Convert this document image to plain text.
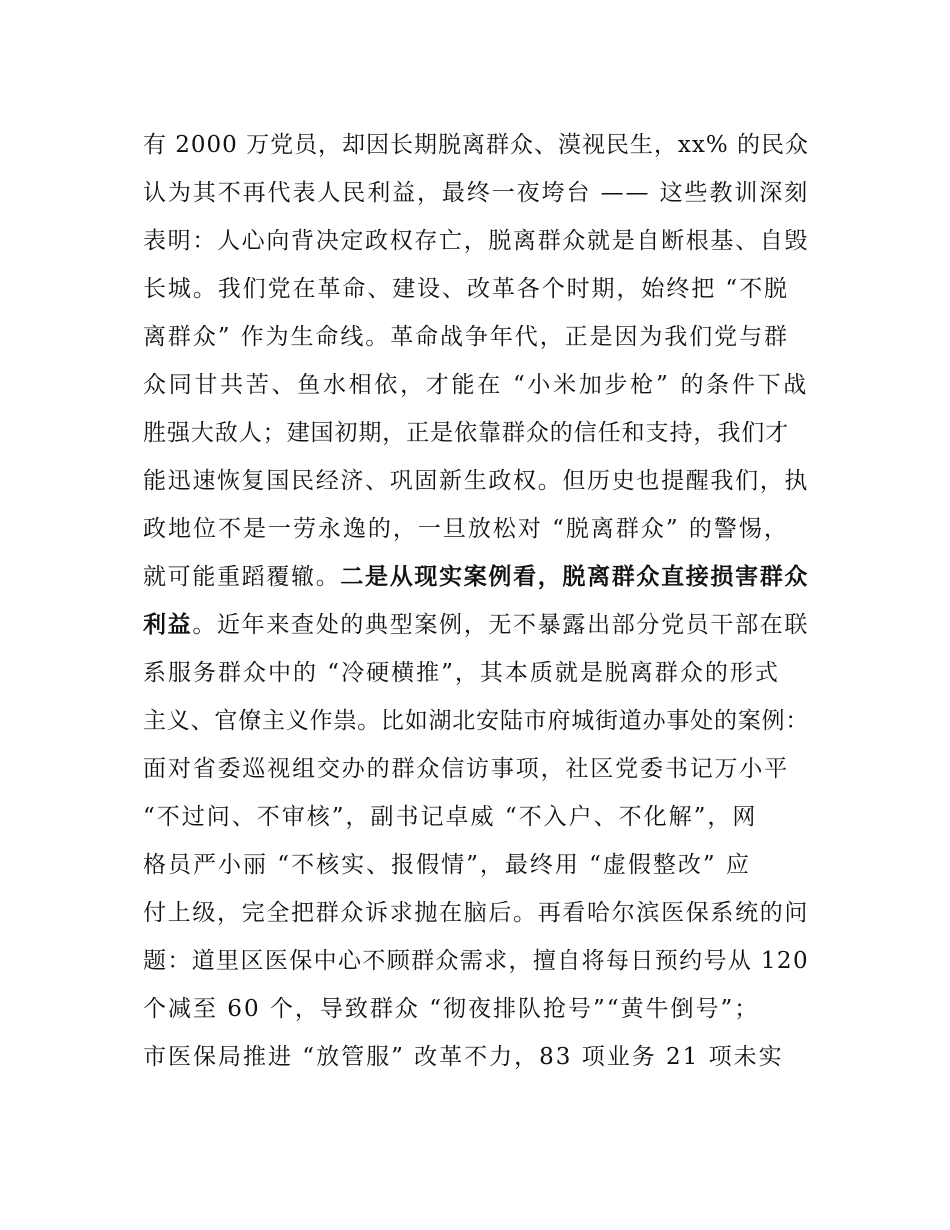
有 2000 万党员，却因长期脱离群众、漠视民生，xx% 的民众
认为其不再代表人民利益，最终一夜垮台 —— 这些教训深刻
表明：人心向背决定政权存亡，脱离群众就是自断根基、自毁
长城。我们党在革命、建设、改革各个时期，始终把 “不脱
离群众” 作为生命线。革命战争年代，正是因为我们党与群
众同甘共苦、鱼水相依，才能在 “小米加步枪” 的条件下战
胜强大敌人；建国初期，正是依靠群众的信任和支持，我们才
能迅速恢复国民经济、巩固新生政权。但历史也提醒我们，执
政地位不是一劳永逸的，一旦放松对 “脱离群众” 的警惕，
就可能重蹈覆辙。二是从现实案例看，脱离群众直接损害群众
利益。近年来查处的典型案例，无不暴露出部分党员干部在联
系服务群众中的 “冷硬横推”，其本质就是脱离群众的形式
主义、官僚主义作祟。比如湖北安陆市府城街道办事处的案例：
面对省委巡视组交办的群众信访事项，社区党委书记万小平
“不过问、不审核”，副书记卓威 “不入户、不化解”，网
格员严小丽 “不核实、报假情”，最终用 “虚假整改” 应
付上级，完全把群众诉求抛在脑后。再看哈尔滨医保系统的问
题：道里区医保中心不顾群众需求，擅自将每日预约号从 120
个减至 60 个，导致群众 “彻夜排队抢号”“黄牛倒号”；
市医保局推进 “放管服” 改革不力，83 项业务 21 项未实
